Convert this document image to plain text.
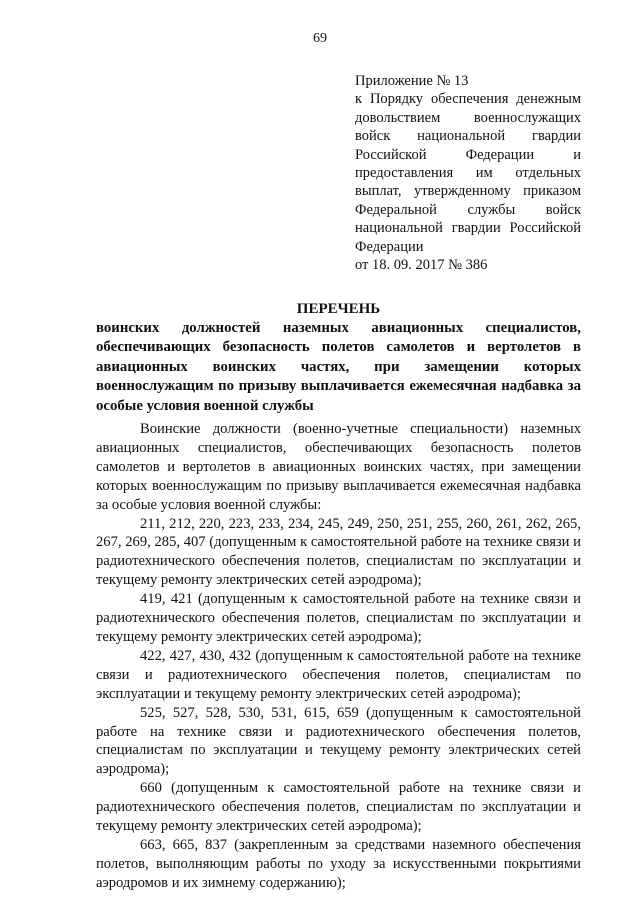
69
Приложение № 13
к Порядку обеспечения денежным довольствием военнослужащих войск национальной гвардии Российской Федерации и предоставления им отдельных выплат, утвержденному приказом Федеральной службы войск национальной гвардии Российской Федерации
от 18. 09. 2017 № 386

ПЕРЕЧЕНЬ

воинских должностей наземных авиационных специалистов, обеспечивающих безопасность полетов самолетов и вертолетов в авиационных воинских частях, при замещении которых военнослужащим по призыву выплачивается ежемесячная надбавка за особые условия военной службы

Воинские должности (военно-учетные специальности) наземных авиационных специалистов, обеспечивающих безопасность полетов самолетов и вертолетов в авиационных воинских частях, при замещении которых военнослужащим по призыву выплачивается ежемесячная надбавка за особые условия военной службы:

211, 212, 220, 223, 233, 234, 245, 249, 250, 251, 255, 260, 261, 262, 265, 267, 269, 285, 407 (допущенным к самостоятельной работе на технике связи и радиотехнического обеспечения полетов, специалистам по эксплуатации и текущему ремонту электрических сетей аэродрома);

419, 421 (допущенным к самостоятельной работе на технике связи и радиотехнического обеспечения полетов, специалистам по эксплуатации и текущему ремонту электрических сетей аэродрома);

422, 427, 430, 432 (допущенным к самостоятельной работе на технике связи и радиотехнического обеспечения полетов, специалистам по эксплуатации и текущему ремонту электрических сетей аэродрома);

525, 527, 528, 530, 531, 615, 659 (допущенным к самостоятельной работе на технике связи и радиотехнического обеспечения полетов, специалистам по эксплуатации и текущему ремонту электрических сетей аэродрома);

660 (допущенным к самостоятельной работе на технике связи и радиотехнического обеспечения полетов, специалистам по эксплуатации и текущему ремонту электрических сетей аэродрома);

663, 665, 837 (закрепленным за средствами наземного обеспечения полетов, выполняющим работы по уходу за искусственными покрытиями аэродромов и их зимнему содержанию);
